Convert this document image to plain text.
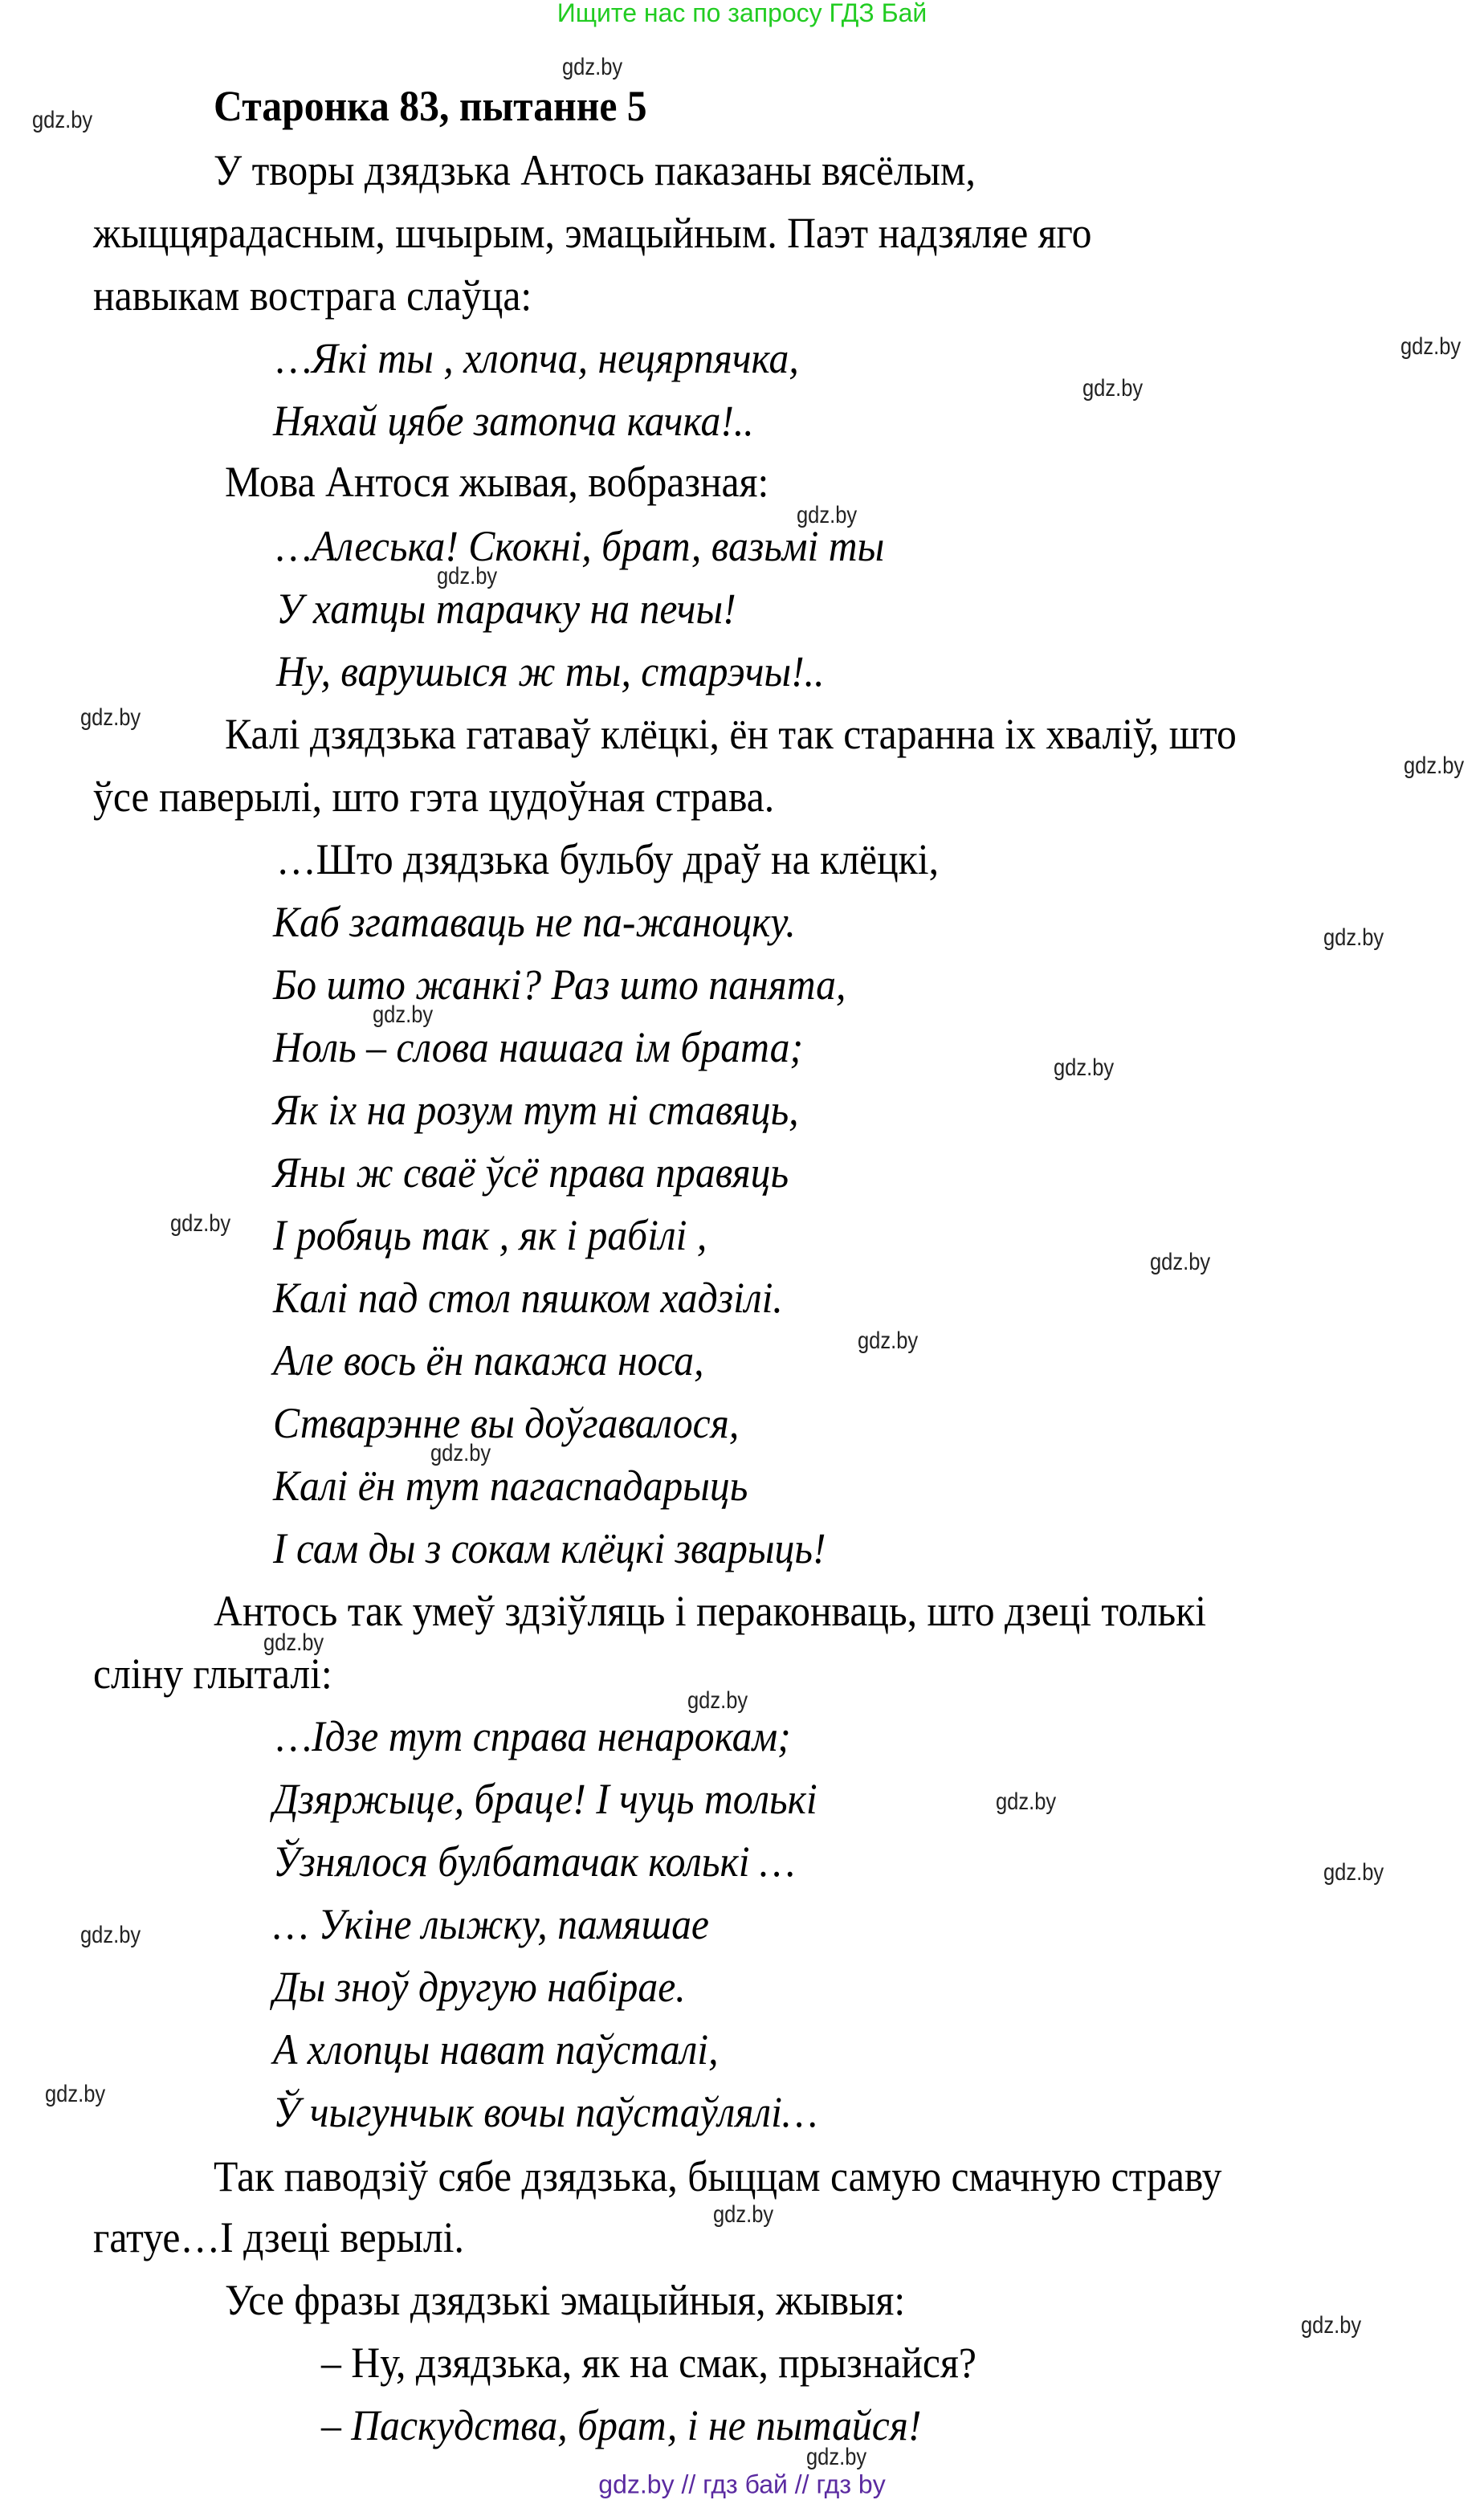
Ищите нас по запросу ГДЗ Бай
Старонка 83, пытанне 5
У творы дзядзька Антось паказаны вясёлым,
жыццярадасным, шчырым, эмацыйным. Паэт надзяляе яго
навыкам вострага слаўца:
…Які ты , хлопча, нецярпячка,
Няхай цябе затопча качка!..
Мова Антося жывая, вобразная:
…Алеська! Скокні, брат, вазьмі ты
У хатцы тарачку на печы!
Ну, варушыся ж ты, старэчы!..
Калі дзядзька гатаваў клёцкі, ён так старанна іх хваліў, што
ўсе паверылі, што гэта цудоўная страва.
…Што дзядзька бульбу драў на клёцкі,
Каб згатаваць не па-жаноцку.
Бо што жанкі? Раз што панята,
Ноль – слова нашага ім брата;
Як іх на розум тут ні ставяць,
Яны ж сваё ўсё права правяць
І робяць так , як і рабілі ,
Калі пад стол пяшком хадзілі.
Але вось ён пакажа носа,
Стварэнне вы доўгавалося,
Калі ён тут пагаспадарыць
І сам ды з сокам клёцкі зварыць!
Антось так умеў здзіўляць і пераконваць, што дзеці толькі
сліну глыталі:
…Ідзе тут справа ненарокам;
Дзяржыце, браце! І чуць толькі
Ўзнялося булбатачак колькі …
… Укіне лыжку, памяшае
Ды зноў другую набірае.
А хлопцы нават паўсталі,
Ў чыгунчык вочы паўстаўлялі…
Так паводзіў сябе дзядзька, быццам самую смачную страву
гатуе…І дзеці верылі.
Усе фразы дзядзькі эмацыйныя, жывыя:
– Ну, дзядзька, як на смак, прызнайся?
– Паскудства, брат, і не пытайся!
gdz.by // гдз бай // гдз by
gdz.by
gdz.by
gdz.by
gdz.by
gdz.by
gdz.by
gdz.by
gdz.by
gdz.by
gdz.by
gdz.by
gdz.by
gdz.by
gdz.by
gdz.by
gdz.by
gdz.by
gdz.by
gdz.by
gdz.by
gdz.by
gdz.by
gdz.by
gdz.by
